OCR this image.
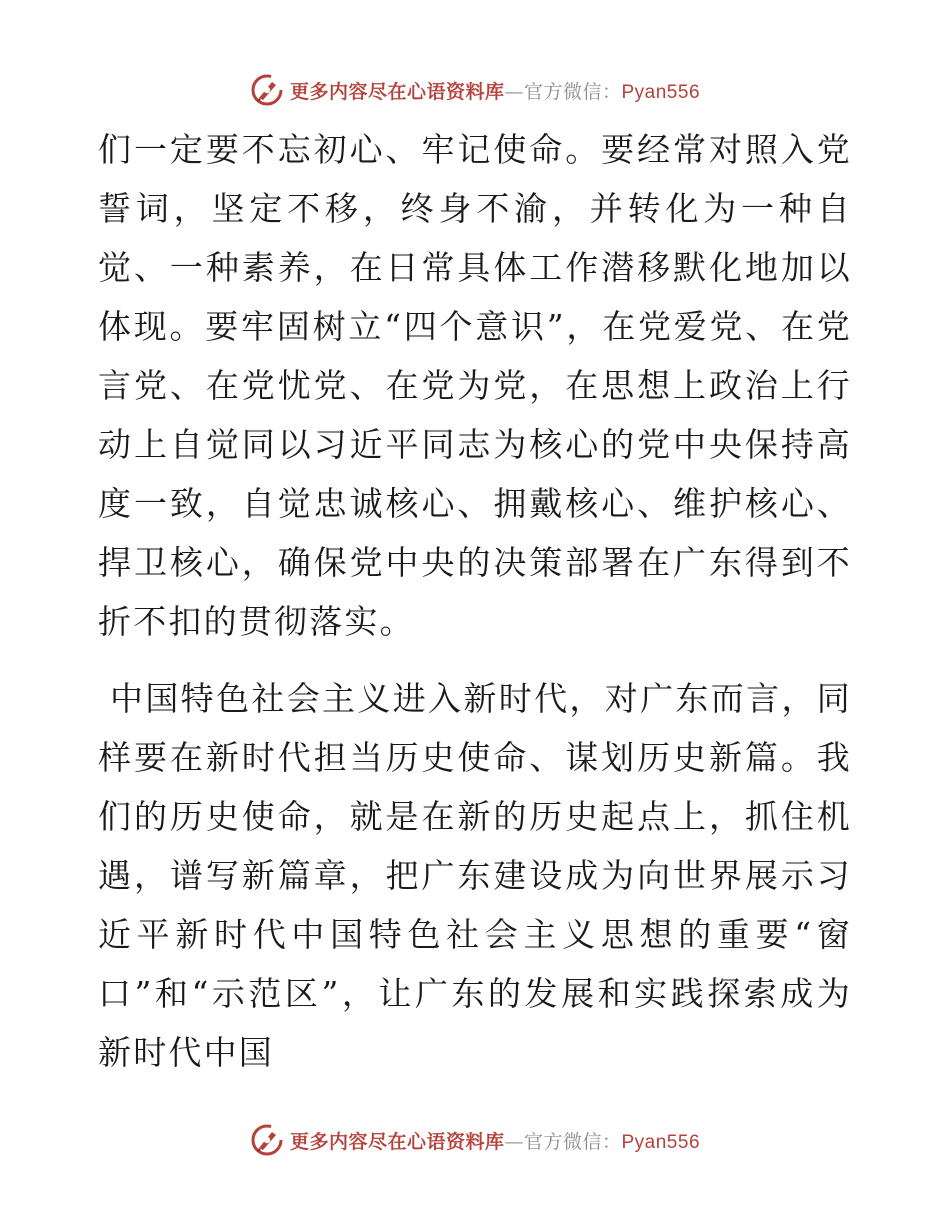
更多内容尽在心语资料库—官方微信：Pyan556

们一定要不忘初心、牢记使命。要经常对照入党誓词，坚定不移，终身不渝，并转化为一种自觉、一种素养，在日常具体工作潜移默化地加以体现。要牢固树立“四个意识”，在党爱党、在党言党、在党忧党、在党为党，在思想上政治上行动上自觉同以习近平同志为核心的党中央保持高度一致，自觉忠诚核心、拥戴核心、维护核心、捍卫核心，确保党中央的决策部署在广东得到不折不扣的贯彻落实。

中国特色社会主义进入新时代，对广东而言，同样要在新时代担当历史使命、谋划历史新篇。我们的历史使命，就是在新的历史起点上，抓住机遇，谱写新篇章，把广东建设成为向世界展示习近平新时代中国特色社会主义思想的重要“窗口”和“示范区”，让广东的发展和实践探索成为新时代中国

更多内容尽在心语资料库—官方微信：Pyan556
